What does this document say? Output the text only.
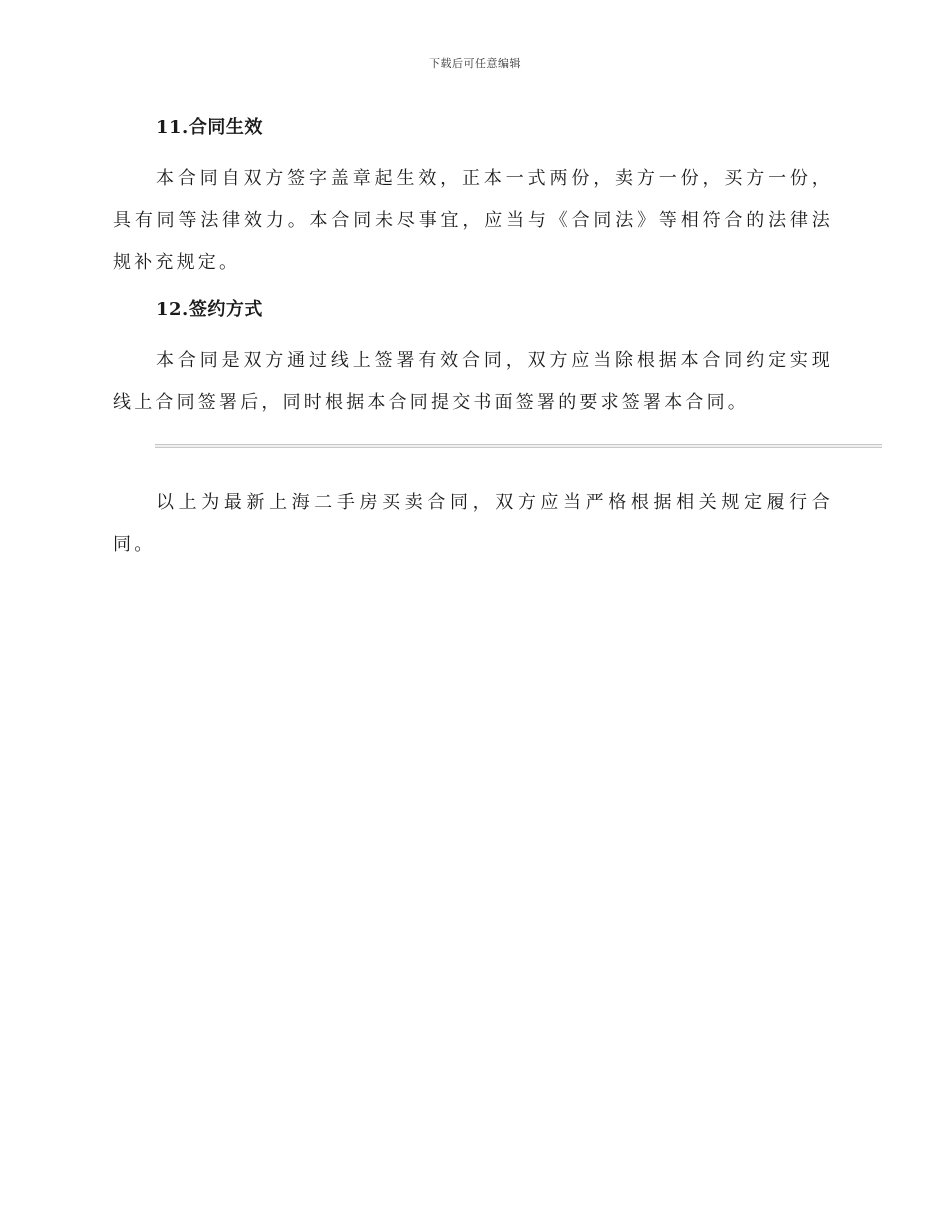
下载后可任意编辑
11.合同生效

本合同自双方签字盖章起生效，正本一式两份，卖方一份，买方一份，具有同等法律效力。本合同未尽事宜，应当与《合同法》等相符合的法律法规补充规定。

12.签约方式

本合同是双方通过线上签署有效合同，双方应当除根据本合同约定实现线上合同签署后，同时根据本合同提交书面签署的要求签署本合同。

以上为最新上海二手房买卖合同，双方应当严格根据相关规定履行合同。
